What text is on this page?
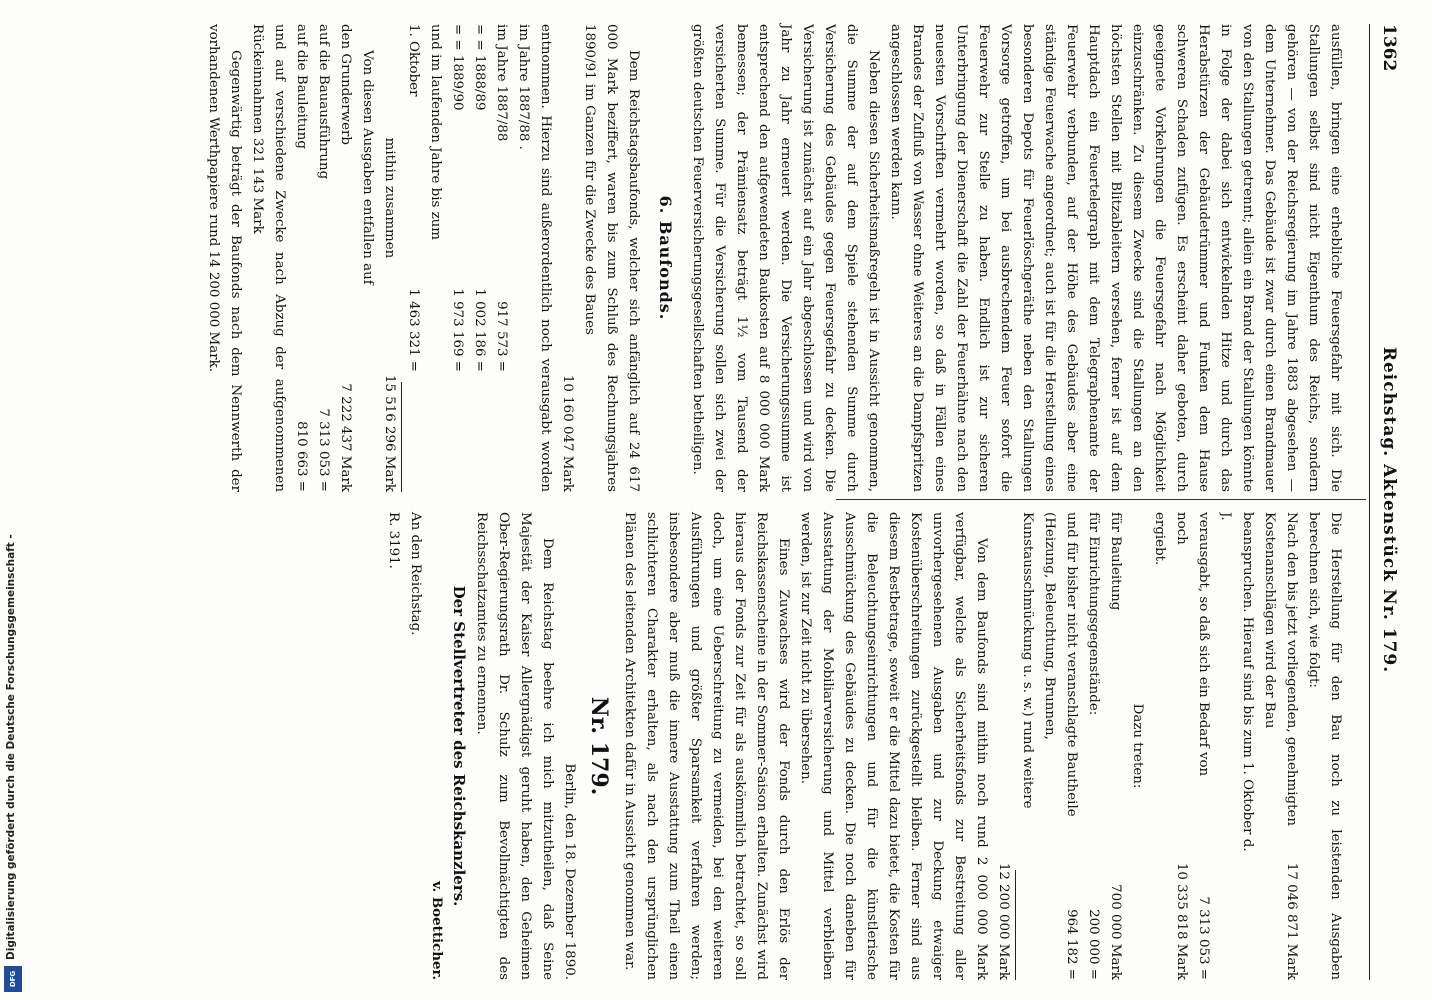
Digitalisierung gefördert durch die Deutsche Forschungsgemeinschaft -
DFG
1362
Reichstag. Aktenstück Nr. 179.

ausfüllen, bringen eine erhebliche Feuersgefahr mit sich. Die Stallungen selbst sind nicht Eigenthum des Reichs, sondern gehören — von der Reichsregierung im Jahre 1883 abgesehen — dem Unternehmer. Das Gebäude ist zwar durch einen Brandmauer von den Stallungen getrennt; allein ein Brand der Stallungen könnte in Folge der dabei sich entwickelnden Hitze und durch das Herabstürzen der Gebäudetrümmer und Funken dem Hause schweren Schaden zufügen. Es erscheint daher geboten, durch geeignete Vorkehrungen die Feuersgefahr nach Möglichkeit einzuschränken. Zu diesem Zwecke sind die Stallungen an den höchsten Stellen mit Blitzableitern versehen, ferner ist auf dem Hauptdach ein Feuertelegraph mit dem Telegraphenamte der Feuerwehr verbunden, auf der Höhe des Gebäudes aber eine ständige Feuerwache angeordnet; auch ist für die Herstellung eines besonderen Depots für Feuerlöschgeräthe neben den Stallungen Vorsorge getroffen, um bei ausbrechendem Feuer sofort die Feuerwehr zur Stelle zu haben. Endlich ist zur sicheren Unterbringung der Dienerschaft die Zahl der Feuerhähne nach den neuesten Vorschriften vermehrt worden, so daß in Fällen eines Brandes der Zufluß von Wasser ohne Weiteres an die Dampfspritzen angeschlossen werden kann.

Neben diesen Sicherheitsmaßregeln ist in Aussicht genommen, die Summe der auf dem Spiele stehenden Summe durch Versicherung des Gebäudes gegen Feuersgefahr zu decken. Die Versicherung ist zunächst auf ein Jahr abgeschlossen und wird von Jahr zu Jahr erneuert werden. Die Versicherungssumme ist entsprechend den aufgewendeten Baukosten auf 8 000 000 Mark bemessen; der Prämiensatz beträgt 1½ vom Tausend der versicherten Summe. Für die Versicherung sollen sich zwei der größten deutschen Feuerversicherungsgesellschaften betheiligen.

6. Baufonds.

Dem Reichstagsbaufonds, welcher sich anfänglich auf 24 617 000 Mark beziffert, waren bis zum Schluß des Rechnungsjahres 1890/91 im Ganzen für die Zwecke des Baues

10 160 047 Mark

entnommen. Hierzu sind außerordentlich noch verausgabt worden im Jahre 1887/88 .

im Jahre 1887/88
917 573 =
= = 1888/89
1 002 186 =
= = 1889/90
1 973 169 =
und im laufenden Jahre bis zum
1. Oktober
1 463 321 =
mithin zusammen
15 516 296 Mark

Von diesen Ausgaben entfallen auf

den Grunderwerb
7 222 437 Mark
auf die Bauausführung
7 313 053 =
auf die Bauleitung
810 663 =

und auf verschiedene Zwecke nach Abzug der aufgenommenen Rückeinnahmen 321 143 Mark

Gegenwärtig beträgt der Baufonds nach dem Nennwerth der vorhandenen Werthpapiere rund 14 200 000 Mark.

Die Herstellung für den Bau noch zu leistenden Ausgaben berechnen sich, wie folgt:

Nach den bis jetzt vorliegenden, genehmigten Kostenanschlägen wird der Bau
17 046 871 Mark
beanspruchen. Hierauf sind bis zum 1. Oktober d. J.
verausgabt, so daß sich ein Bedarf von
7 313 053 =
noch
10 335 818 Mark
ergiebt.
Dazu treten:
für Bauleitung
700 000 Mark
für Einrichtungsgegenstände:
200 000 =
und für bisher nicht veranschlagte Bautheile (Heizung, Beleuchtung, Brunnen, Kunstausschmückung u. s. w.) rund weitere
964 182 =
12 200 000 Mark

Von dem Baufonds sind mithin noch rund 2 000 000 Mark verfügbar, welche als Sicherheitsfonds zur Bestreitung aller unvorhergesehenen Ausgaben und zur Deckung etwaiger Kostenüberschreitungen zurückgestellt bleiben. Ferner sind aus diesem Restbetrage, soweit er die Mittel dazu bietet, die Kosten für die Beleuchtungseinrichtungen und für die künstlerische Ausschmückung des Gebäudes zu decken. Die noch daneben für Ausstattung der Mobiliarversicherung und Mittel verbleiben werden, ist zur Zeit nicht zu übersehen.

Eines Zuwachses wird der Fonds durch den Erlös der Reichskassenscheine in der Sommer-Saison erhalten. Zunächst wird hieraus der Fonds zur Zeit für als auskömmlich betrachtet, so soll doch, um eine Ueberschreitung zu vermeiden, bei den weiteren Ausführungen und größter Sparsamkeit verfahren werden; insbesondere aber muß die innere Ausstattung zum Theil einen schlichteren Charakter erhalten, als nach den ursprünglichen Plänen des leitenden Architekten dafür in Aussicht genommen war.

Nr. 179.
Berlin, den 18. Dezember 1890.

Dem Reichstag beehre ich mich mitzutheilen, daß Seine Majestät der Kaiser Allergnädigst geruht haben, den Geheimen Ober-Regierungsrath Dr. Schulz zum Bevollmächtigten des Reichsschatzamtes zu ernennen.

Der Stellvertreter des Reichskanzlers.
v. Boetticher.
An den Reichstag.
R. 3191.
